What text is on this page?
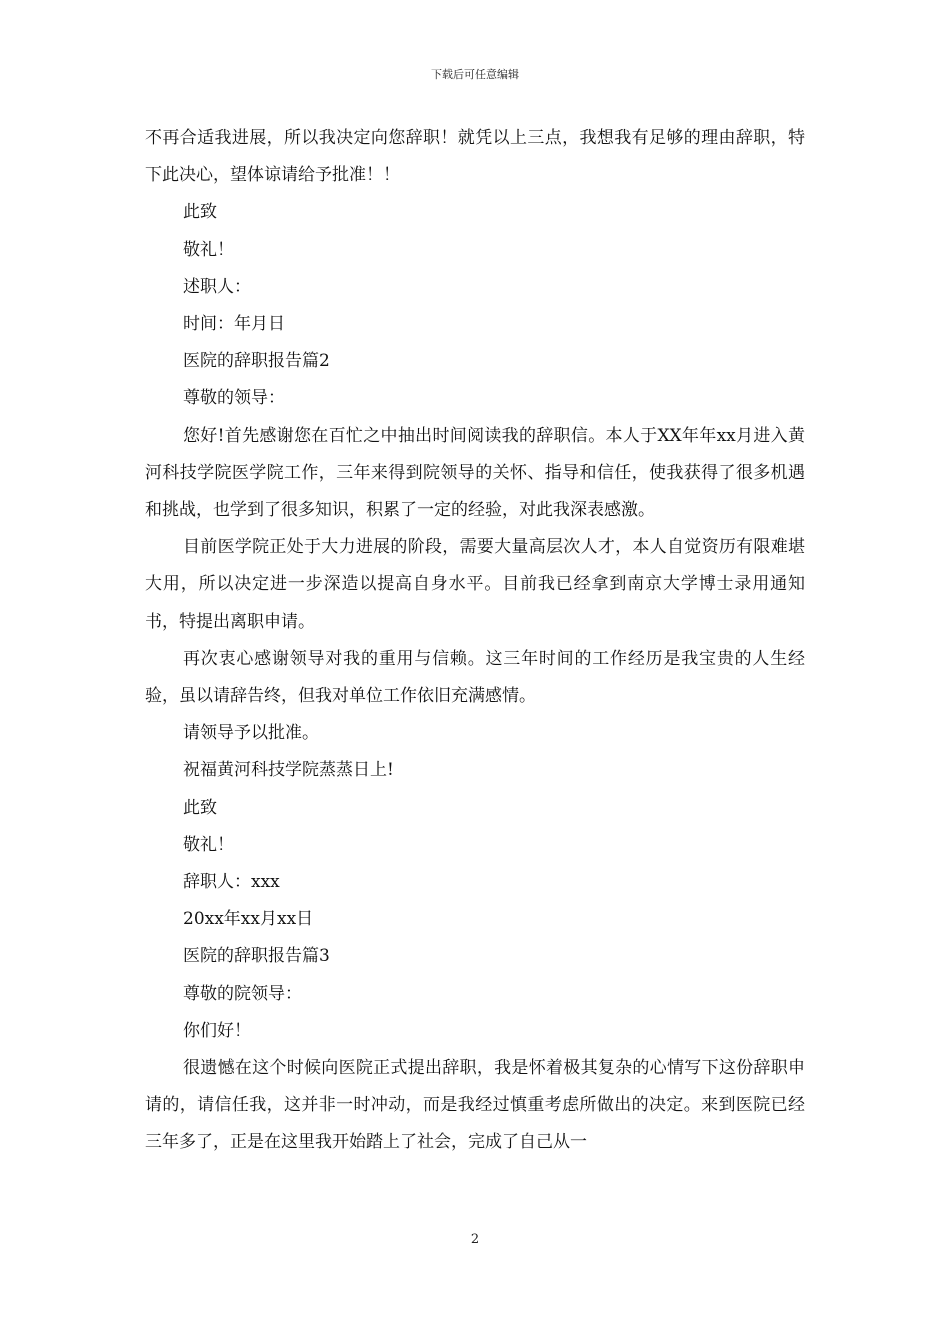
下载后可任意编辑

不再合适我进展，所以我决定向您辞职！就凭以上三点，我想我有足够的理由辞职，特下此决心，望体谅请给予批准！！

此致

敬礼！

述职人：

时间：年月日

医院的辞职报告篇2

尊敬的领导：

您好!首先感谢您在百忙之中抽出时间阅读我的辞职信。本人于XX年年xx月进入黄河科技学院医学院工作，三年来得到院领导的关怀、指导和信任，使我获得了很多机遇和挑战，也学到了很多知识，积累了一定的经验，对此我深表感激。

目前医学院正处于大力进展的阶段，需要大量高层次人才，本人自觉资历有限难堪大用，所以决定进一步深造以提高自身水平。目前我已经拿到南京大学博士录用通知书，特提出离职申请。

再次衷心感谢领导对我的重用与信赖。这三年时间的工作经历是我宝贵的人生经验，虽以请辞告终，但我对单位工作依旧充满感情。

请领导予以批准。

祝福黄河科技学院蒸蒸日上!

此致

敬礼！

辞职人：xxx

20xx年xx月xx日

医院的辞职报告篇3

尊敬的院领导：

你们好！

很遗憾在这个时候向医院正式提出辞职，我是怀着极其复杂的心情写下这份辞职申请的，请信任我，这并非一时冲动，而是我经过慎重考虑所做出的决定。来到医院已经三年多了，正是在这里我开始踏上了社会，完成了自己从一

2
